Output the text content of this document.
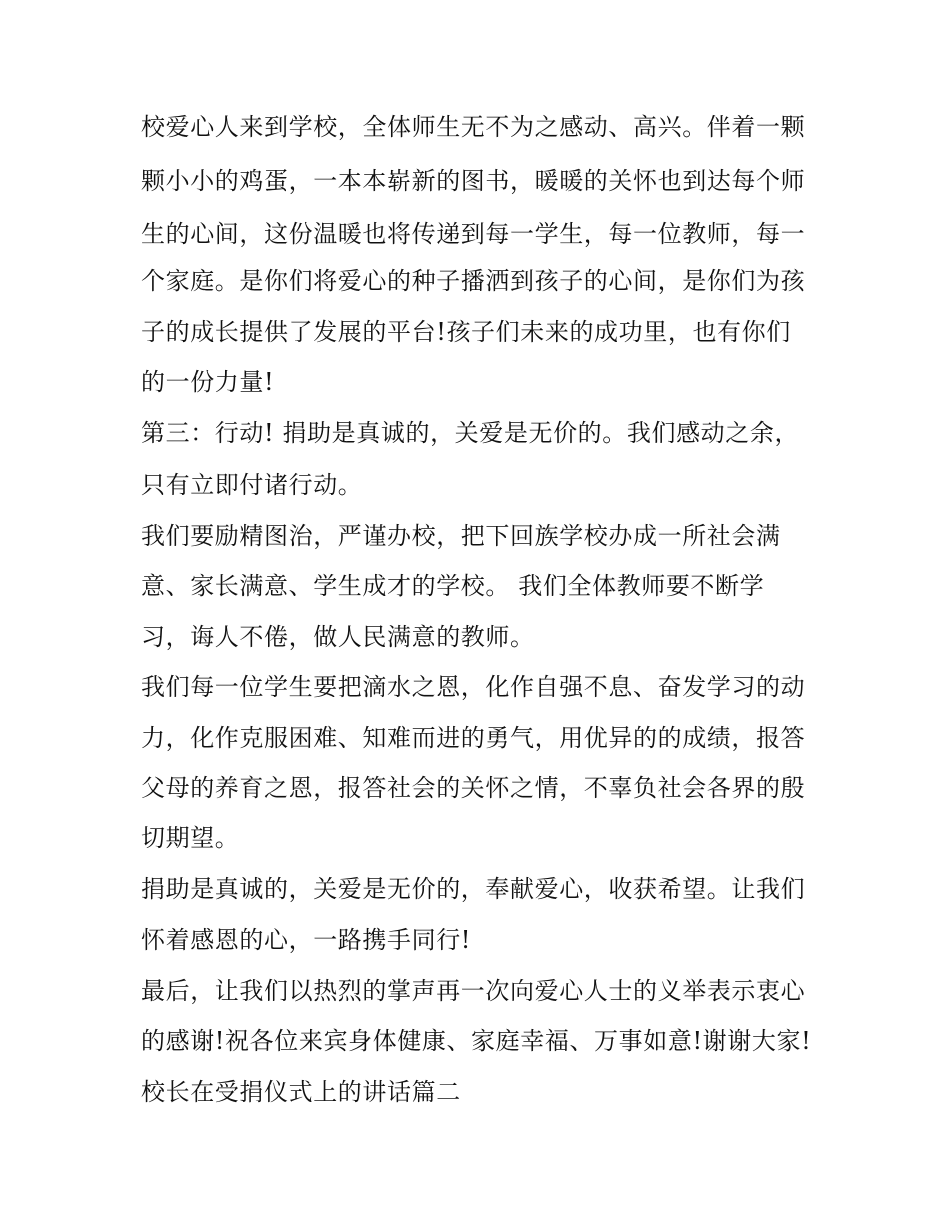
校爱心人来到学校，全体师生无不为之感动、高兴。伴着一颗
颗小小的鸡蛋，一本本崭新的图书，暖暖的关怀也到达每个师
生的心间，这份温暖也将传递到每一学生，每一位教师，每一
个家庭。是你们将爱心的种子播洒到孩子的心间，是你们为孩
子的成长提供了发展的平台!孩子们未来的成功里，也有你们
的一份力量!
第三：行动! 捐助是真诚的，关爱是无价的。我们感动之余，
只有立即付诸行动。
我们要励精图治，严谨办校，把下回族学校办成一所社会满
意、家长满意、学生成才的学校。 我们全体教师要不断学
习，诲人不倦，做人民满意的教师。
我们每一位学生要把滴水之恩，化作自强不息、奋发学习的动
力，化作克服困难、知难而进的勇气，用优异的的成绩，报答
父母的养育之恩，报答社会的关怀之情，不辜负社会各界的殷
切期望。
捐助是真诚的，关爱是无价的，奉献爱心，收获希望。让我们
怀着感恩的心，一路携手同行!
最后，让我们以热烈的掌声再一次向爱心人士的义举表示衷心
的感谢!祝各位来宾身体健康、家庭幸福、万事如意!谢谢大家!
校长在受捐仪式上的讲话篇二
